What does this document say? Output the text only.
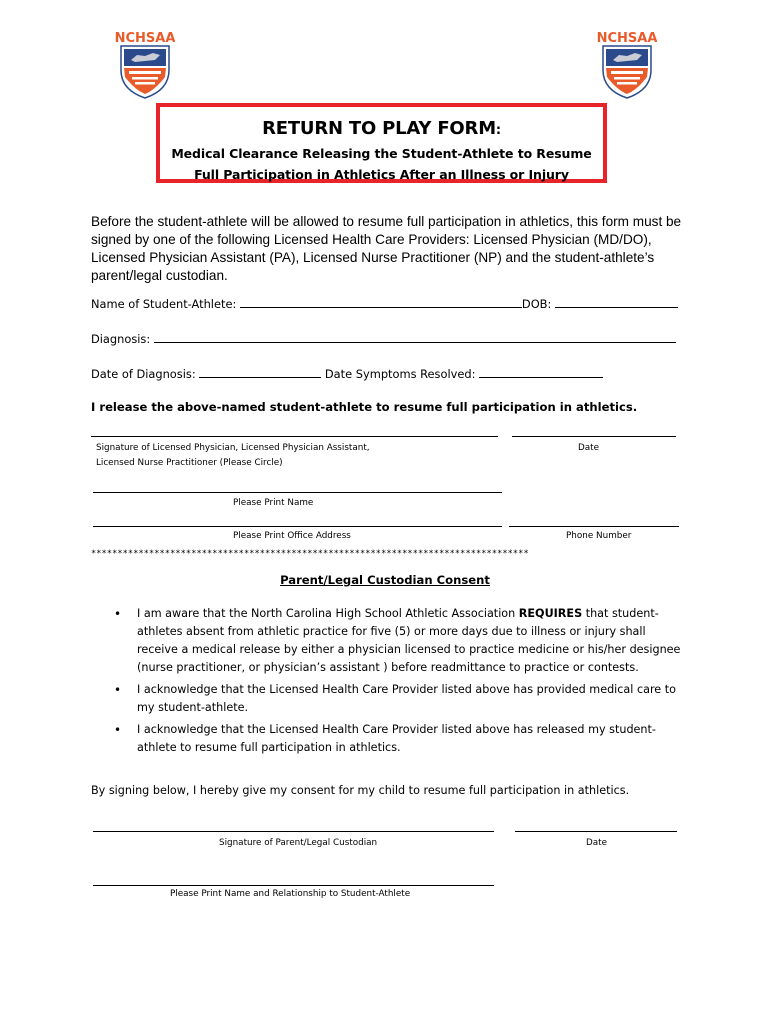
NCHSAA	NCHSAA
RETURN TO PLAY FORM:
Medical Clearance Releasing the Student-Athlete to Resume
Full Participation in Athletics After an Illness or Injury
Before the student-athlete will be allowed to resume full participation in athletics, this form must be signed by one of the following Licensed Health Care Providers: Licensed Physician (MD/DO), Licensed Physician Assistant (PA), Licensed Nurse Practitioner (NP) and the student-athlete’s parent/legal custodian.
Name of Student-Athlete:	DOB:
Diagnosis:
Date of Diagnosis:	Date Symptoms Resolved:
I release the above-named student-athlete to resume full participation in athletics.
Signature of Licensed Physician, Licensed Physician Assistant,
Licensed Nurse Practitioner (Please Circle)
Date
Please Print Name
Please Print Office Address	Phone Number
***********************************************************************************
Parent/Legal Custodian Consent
• I am aware that the North Carolina High School Athletic Association REQUIRES that student-athletes absent from athletic practice for five (5) or more days due to illness or injury shall receive a medical release by either a physician licensed to practice medicine or his/her designee (nurse practitioner, or physician’s assistant ) before readmittance to practice or contests.
• I acknowledge that the Licensed Health Care Provider listed above has provided medical care to my student-athlete.
• I acknowledge that the Licensed Health Care Provider listed above has released my student-athlete to resume full participation in athletics.
By signing below, I hereby give my consent for my child to resume full participation in athletics.
Signature of Parent/Legal Custodian	Date
Please Print Name and Relationship to Student-Athlete
